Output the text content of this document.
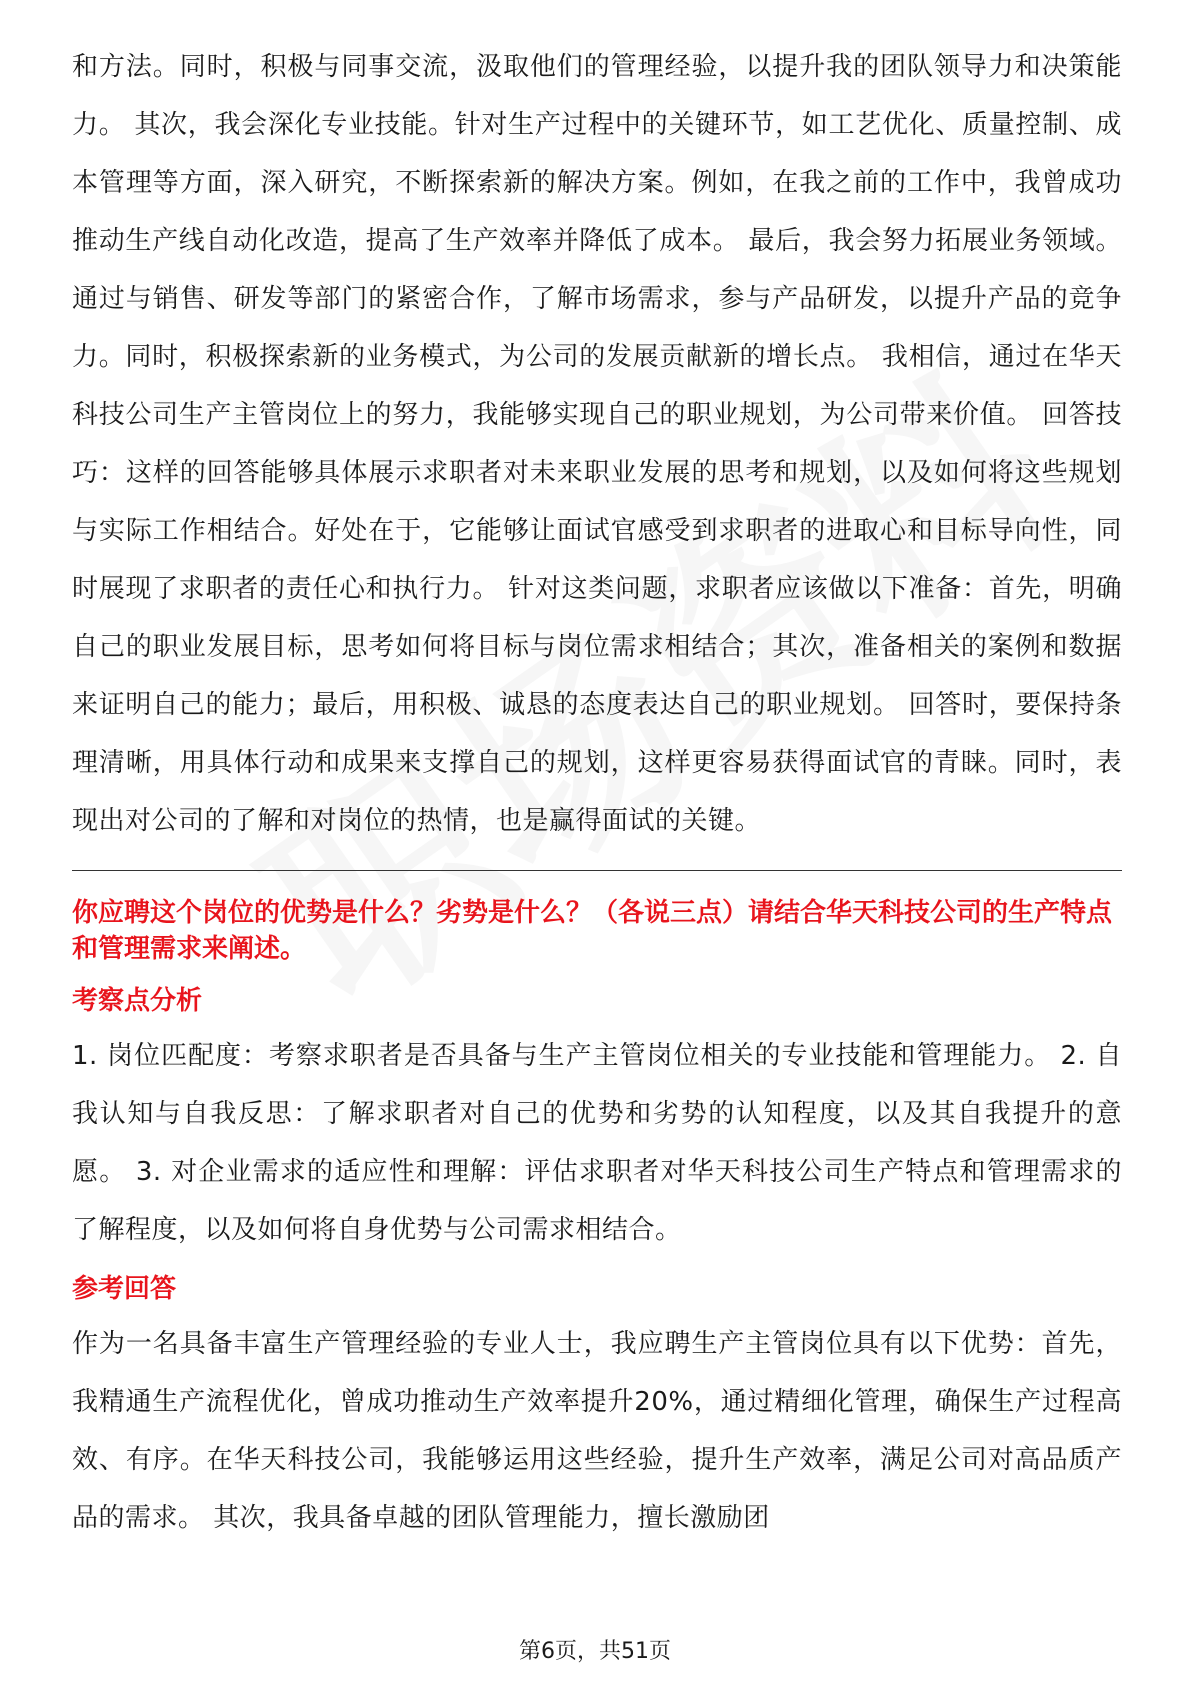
和方法。同时，积极与同事交流，汲取他们的管理经验，以提升我的团队领导力和决策能力。 其次，我会深化专业技能。针对生产过程中的关键环节，如工艺优化、质量控制、成本管理等方面，深入研究，不断探索新的解决方案。例如，在我之前的工作中，我曾成功推动生产线自动化改造，提高了生产效率并降低了成本。 最后，我会努力拓展业务领域。通过与销售、研发等部门的紧密合作，了解市场需求，参与产品研发，以提升产品的竞争力。同时，积极探索新的业务模式，为公司的发展贡献新的增长点。 我相信，通过在华天科技公司生产主管岗位上的努力，我能够实现自己的职业规划，为公司带来价值。 回答技巧：这样的回答能够具体展示求职者对未来职业发展的思考和规划，以及如何将这些规划与实际工作相结合。好处在于，它能够让面试官感受到求职者的进取心和目标导向性，同时展现了求职者的责任心和执行力。 针对这类问题，求职者应该做以下准备：首先，明确自己的职业发展目标，思考如何将目标与岗位需求相结合；其次，准备相关的案例和数据来证明自己的能力；最后，用积极、诚恳的态度表达自己的职业规划。 回答时，要保持条理清晰，用具体行动和成果来支撑自己的规划，这样更容易获得面试官的青睐。同时，表现出对公司的了解和对岗位的热情，也是赢得面试的关键。

你应聘这个岗位的优势是什么？劣势是什么？（各说三点）请结合华天科技公司的生产特点和管理需求来阐述。

考察点分析

1. 岗位匹配度：考察求职者是否具备与生产主管岗位相关的专业技能和管理能力。 2. 自我认知与自我反思：了解求职者对自己的优势和劣势的认知程度，以及其自我提升的意愿。 3. 对企业需求的适应性和理解：评估求职者对华天科技公司生产特点和管理需求的了解程度，以及如何将自身优势与公司需求相结合。

参考回答

作为一名具备丰富生产管理经验的专业人士，我应聘生产主管岗位具有以下优势：首先，我精通生产流程优化，曾成功推动生产效率提升20%，通过精细化管理，确保生产过程高效、有序。在华天科技公司，我能够运用这些经验，提升生产效率，满足公司对高品质产品的需求。 其次，我具备卓越的团队管理能力，擅长激励团

第6页，共51页
